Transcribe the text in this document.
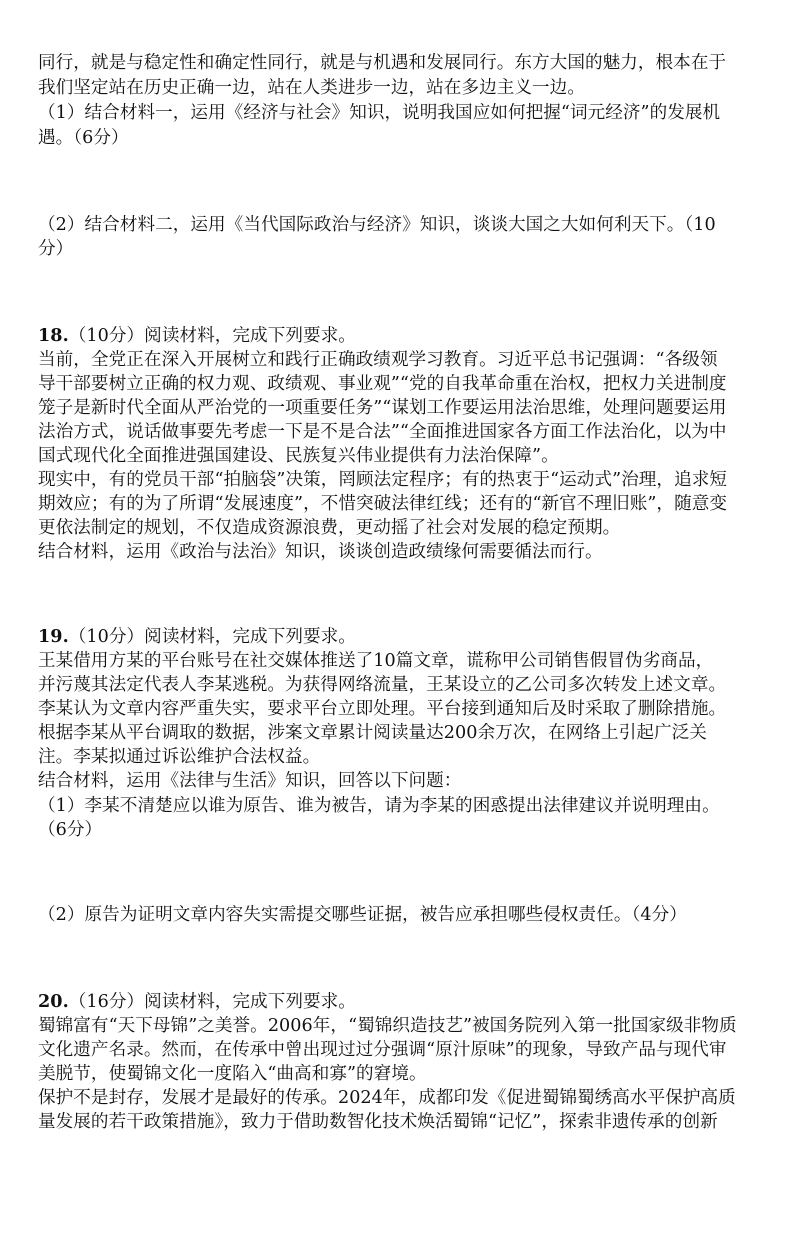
同行，就是与稳定性和确定性同行，就是与机遇和发展同行。东方大国的魅力，根本在于
我们坚定站在历史正确一边，站在人类进步一边，站在多边主义一边。
（1）结合材料一，运用《经济与社会》知识，说明我国应如何把握“词元经济”的发展机
遇。（6分）
（2）结合材料二，运用《当代国际政治与经济》知识，谈谈大国之大如何利天下。（10
分）
18.（10分）阅读材料，完成下列要求。
当前，全党正在深入开展树立和践行正确政绩观学习教育。习近平总书记强调：“各级领
导干部要树立正确的权力观、政绩观、事业观”“党的自我革命重在治权，把权力关进制度
笼子是新时代全面从严治党的一项重要任务”“谋划工作要运用法治思维，处理问题要运用
法治方式，说话做事要先考虑一下是不是合法”“全面推进国家各方面工作法治化，以为中
国式现代化全面推进强国建设、民族复兴伟业提供有力法治保障”。
现实中，有的党员干部“拍脑袋”决策，罔顾法定程序；有的热衷于“运动式”治理，追求短
期效应；有的为了所谓“发展速度”，不惜突破法律红线；还有的“新官不理旧账”，随意变
更依法制定的规划，不仅造成资源浪费，更动摇了社会对发展的稳定预期。
结合材料，运用《政治与法治》知识，谈谈创造政绩缘何需要循法而行。
19.（10分）阅读材料，完成下列要求。
王某借用方某的平台账号在社交媒体推送了10篇文章，谎称甲公司销售假冒伪劣商品，
并污蔑其法定代表人李某逃税。为获得网络流量，王某设立的乙公司多次转发上述文章。
李某认为文章内容严重失实，要求平台立即处理。平台接到通知后及时采取了删除措施。
根据李某从平台调取的数据，涉案文章累计阅读量达200余万次，在网络上引起广泛关
注。李某拟通过诉讼维护合法权益。
结合材料，运用《法律与生活》知识，回答以下问题：
（1）李某不清楚应以谁为原告、谁为被告，请为李某的困惑提出法律建议并说明理由。
（6分）
（2）原告为证明文章内容失实需提交哪些证据，被告应承担哪些侵权责任。（4分）
20.（16分）阅读材料，完成下列要求。
蜀锦富有“天下母锦”之美誉。2006年，“蜀锦织造技艺”被国务院列入第一批国家级非物质
文化遗产名录。然而，在传承中曾出现过过分强调“原汁原味”的现象，导致产品与现代审
美脱节，使蜀锦文化一度陷入“曲高和寡”的窘境。
保护不是封存，发展才是最好的传承。2024年，成都印发《促进蜀锦蜀绣高水平保护高质
量发展的若干政策措施》，致力于借助数智化技术焕活蜀锦“记忆”，探索非遗传承的创新
